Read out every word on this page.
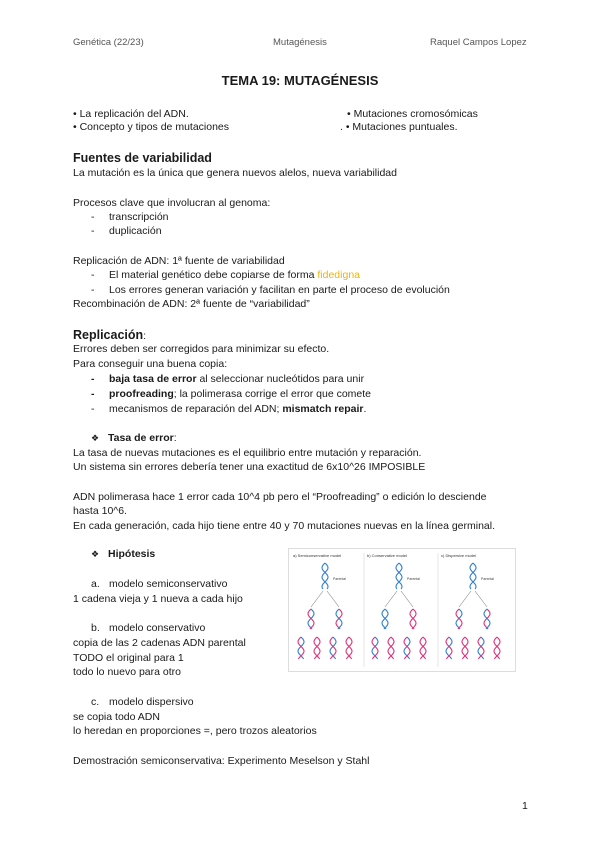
Genética (22/23)	Mutagénesis	Raquel Campos Lopez
TEMA 19: MUTAGÉNESIS
• La replicación del ADN.
• Concepto y tipos de mutaciones
• Mutaciones cromosómicas
. • Mutaciones puntuales.
Fuentes de variabilidad
La mutación es la única que genera nuevos alelos, nueva variabilidad
Procesos clave que involucran al genoma:
- transcripción
- duplicación
Replicación de ADN: 1ª fuente de variabilidad
- El material genético debe copiarse de forma fidedigna
- Los errores generan variación y facilitan en parte el proceso de evolución
Recombinación de ADN: 2ª fuente de “variabilidad”
Replicación:
Errores deben ser corregidos para minimizar su efecto.
Para conseguir una buena copia:
- baja tasa de error al seleccionar nucleótidos para unir
- proofreading; la polimerasa corrige el error que comete
- mecanismos de reparación del ADN; mismatch repair.
❖ Tasa de error:
La tasa de nuevas mutaciones es el equilibrio entre mutación y reparación.
Un sistema sin errores debería tener una exactitud de 6x10^26 IMPOSIBLE
ADN polimerasa hace 1 error cada 10^4 pb pero el “Proofreading” o edición lo desciende
hasta 10^6.
En cada generación, cada hijo tiene entre 40 y 70 mutaciones nuevas en la línea germinal.
❖ Hipótesis
a. modelo semiconservativo
1 cadena vieja y 1 nueva a cada hijo
b. modelo conservativo
copia de las 2 cadenas ADN parental
TODO el original para 1
todo lo nuevo para otro
c. modelo dispersivo
se copia todo ADN
lo heredan en proporciones =, pero trozos aleatorios
Demostración semiconservativa: Experimento Meselson y Stahl
a) Semiconservative model	b) Conservative model	c) Dispersive model
Parental	Parental	Parental
1
